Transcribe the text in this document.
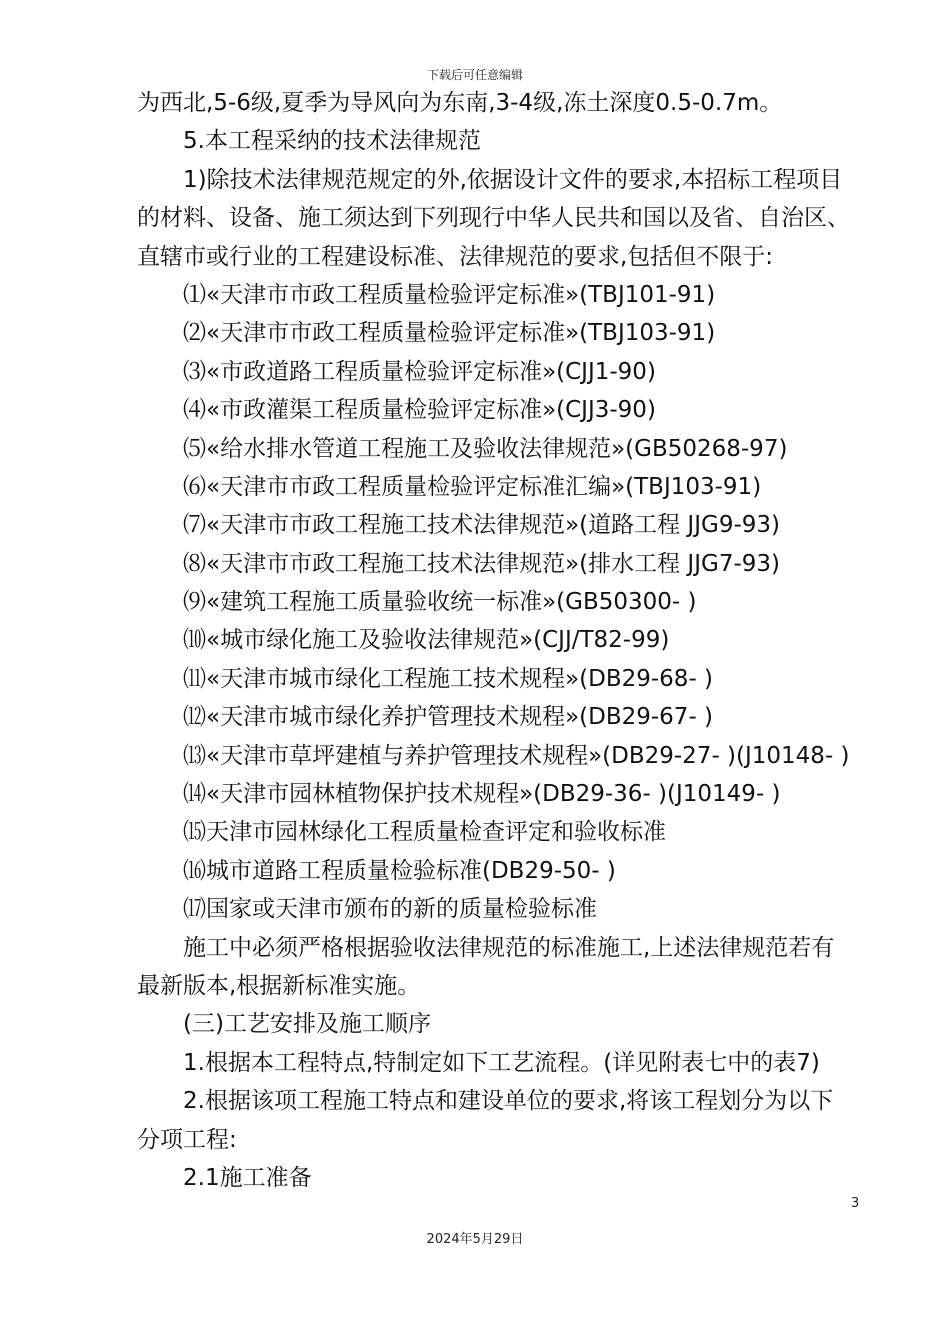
下载后可任意编辑
为西北,5-6级,夏季为导风向为东南,3-4级,冻土深度0.5-0.7m。
5.本工程采纳的技术法律规范
1)除技术法律规范规定的外,依据设计文件的要求,本招标工程项目
的材料、设备、施工须达到下列现行中华人民共和国以及省、自治区、
直辖市或行业的工程建设标准、法律规范的要求,包括但不限于:
⑴«天津市市政工程质量检验评定标准»(TBJ101-91)
⑵«天津市市政工程质量检验评定标准»(TBJ103-91)
⑶«市政道路工程质量检验评定标准»(CJJ1-90)
⑷«市政灌渠工程质量检验评定标准»(CJJ3-90)
⑸«给水排水管道工程施工及验收法律规范»(GB50268-97)
⑹«天津市市政工程质量检验评定标准汇编»(TBJ103-91)
⑺«天津市市政工程施工技术法律规范»(道路工程 JJG9-93)
⑻«天津市市政工程施工技术法律规范»(排水工程 JJG7-93)
⑼«建筑工程施工质量验收统一标准»(GB50300- )
⑽«城市绿化施工及验收法律规范»(CJJ/T82-99)
⑾«天津市城市绿化工程施工技术规程»(DB29-68- )
⑿«天津市城市绿化养护管理技术规程»(DB29-67- )
⒀«天津市草坪建植与养护管理技术规程»(DB29-27- )(J10148- )
⒁«天津市园林植物保护技术规程»(DB29-36- )(J10149- )
⒂天津市园林绿化工程质量检查评定和验收标准
⒃城市道路工程质量检验标准(DB29-50- )
⒄国家或天津市颁布的新的质量检验标准
施工中必须严格根据验收法律规范的标准施工,上述法律规范若有
最新版本,根据新标准实施。
(三)工艺安排及施工顺序
1.根据本工程特点,特制定如下工艺流程。(详见附表七中的表7)
2.根据该项工程施工特点和建设单位的要求,将该工程划分为以下
分项工程:
2.1施工准备
3
2024年5月29日
